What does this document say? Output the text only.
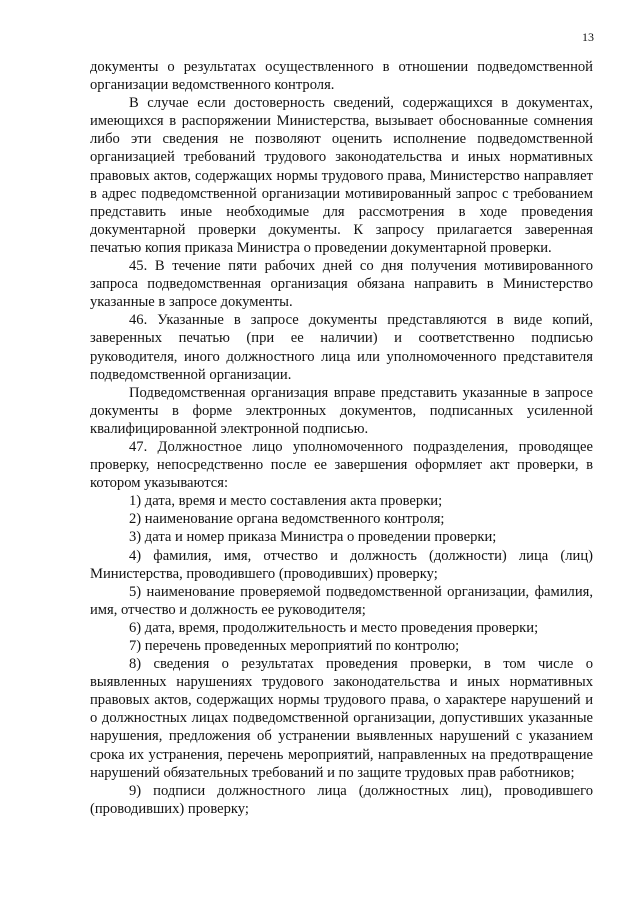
13

документы о результатах осуществленного в отношении подведомственной организации ведомственного контроля.

В случае если достоверность сведений, содержащихся в документах, имеющихся в распоряжении Министерства, вызывает обоснованные сомнения либо эти сведения не позволяют оценить исполнение подведомственной организацией требований трудового законодательства и иных нормативных правовых актов, содержащих нормы трудового права, Министерство направляет в адрес подведомственной организации мотивированный запрос с требованием представить иные необходимые для рассмотрения в ходе проведения документарной проверки документы. К запросу прилагается заверенная печатью копия приказа Министра о проведении документарной проверки.

45. В течение пяти рабочих дней со дня получения мотивированного запроса подведомственная организация обязана направить в Министерство указанные в запросе документы.

46. Указанные в запросе документы представляются в виде копий, заверенных печатью (при ее наличии) и соответственно подписью руководителя, иного должностного лица или уполномоченного представителя подведомственной организации.

Подведомственная организация вправе представить указанные в запросе документы в форме электронных документов, подписанных усиленной квалифицированной электронной подписью.

47. Должностное лицо уполномоченного подразделения, проводящее проверку, непосредственно после ее завершения оформляет акт проверки, в котором указываются:

1) дата, время и место составления акта проверки;

2) наименование органа ведомственного контроля;

3) дата и номер приказа Министра о проведении проверки;

4) фамилия, имя, отчество и должность (должности) лица (лиц) Министерства, проводившего (проводивших) проверку;

5) наименование проверяемой подведомственной организации, фамилия, имя, отчество и должность ее руководителя;

6) дата, время, продолжительность и место проведения проверки;

7) перечень проведенных мероприятий по контролю;

8) сведения о результатах проведения проверки, в том числе о выявленных нарушениях трудового законодательства и иных нормативных правовых актов, содержащих нормы трудового права, о характере нарушений и о должностных лицах подведомственной организации, допустивших указанные нарушения, предложения об устранении выявленных нарушений с указанием срока их устранения, перечень мероприятий, направленных на предотвращение нарушений обязательных требований и по защите трудовых прав работников;

9) подписи должностного лица (должностных лиц), проводившего (проводивших) проверку;
